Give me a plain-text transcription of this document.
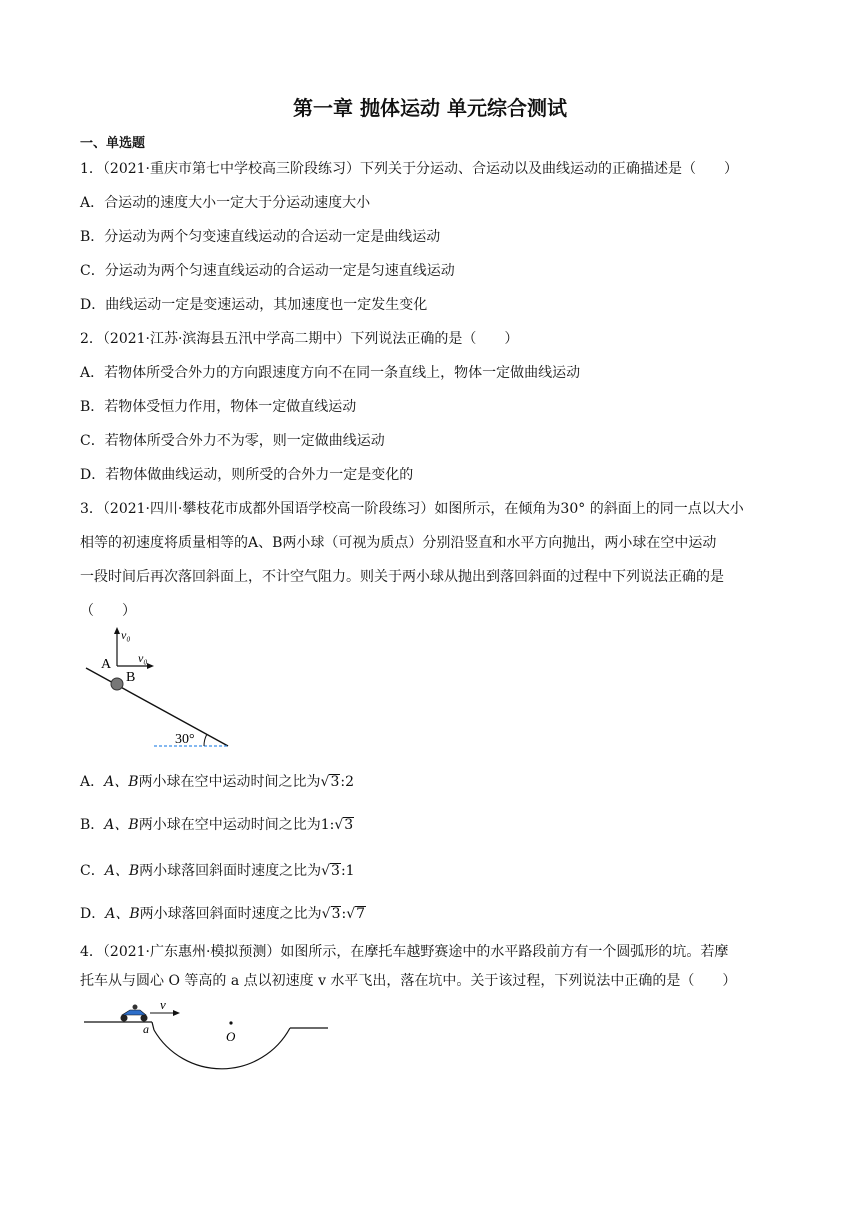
第一章 抛体运动 单元综合测试
一、单选题
1．（2021·重庆市第七中学校高三阶段练习）下列关于分运动、合运动以及曲线运动的正确描述是（　　）
A．合运动的速度大小一定大于分运动速度大小
B．分运动为两个匀变速直线运动的合运动一定是曲线运动
C．分运动为两个匀速直线运动的合运动一定是匀速直线运动
D．曲线运动一定是变速运动，其加速度也一定发生变化
2．（2021·江苏·滨海县五汛中学高二期中）下列说法正确的是（　　）
A．若物体所受合外力的方向跟速度方向不在同一条直线上，物体一定做曲线运动
B．若物体受恒力作用，物体一定做直线运动
C．若物体所受合外力不为零，则一定做曲线运动
D．若物体做曲线运动，则所受的合外力一定是变化的
3．（2021·四川·攀枝花市成都外国语学校高一阶段练习）如图所示，在倾角为30° 的斜面上的同一点以大小
相等的初速度将质量相等的A、B两小球（可视为质点）分别沿竖直和水平方向抛出，两小球在空中运动
一段时间后再次落回斜面上，不计空气阻力。则关于两小球从抛出到落回斜面的过程中下列说法正确的是
（　　）
v₀
v₀
A
B
30°
A．A、B两小球在空中运动时间之比为√3:2
B．A、B两小球在空中运动时间之比为1:√3
C．A、B两小球落回斜面时速度之比为√3:1
D．A、B两小球落回斜面时速度之比为√3:√7
4．（2021·广东惠州·模拟预测）如图所示，在摩托车越野赛途中的水平路段前方有一个圆弧形的坑。若摩
托车从与圆心 O 等高的 a 点以初速度 v 水平飞出，落在坑中。关于该过程，下列说法中正确的是（　　）
v
a	O
